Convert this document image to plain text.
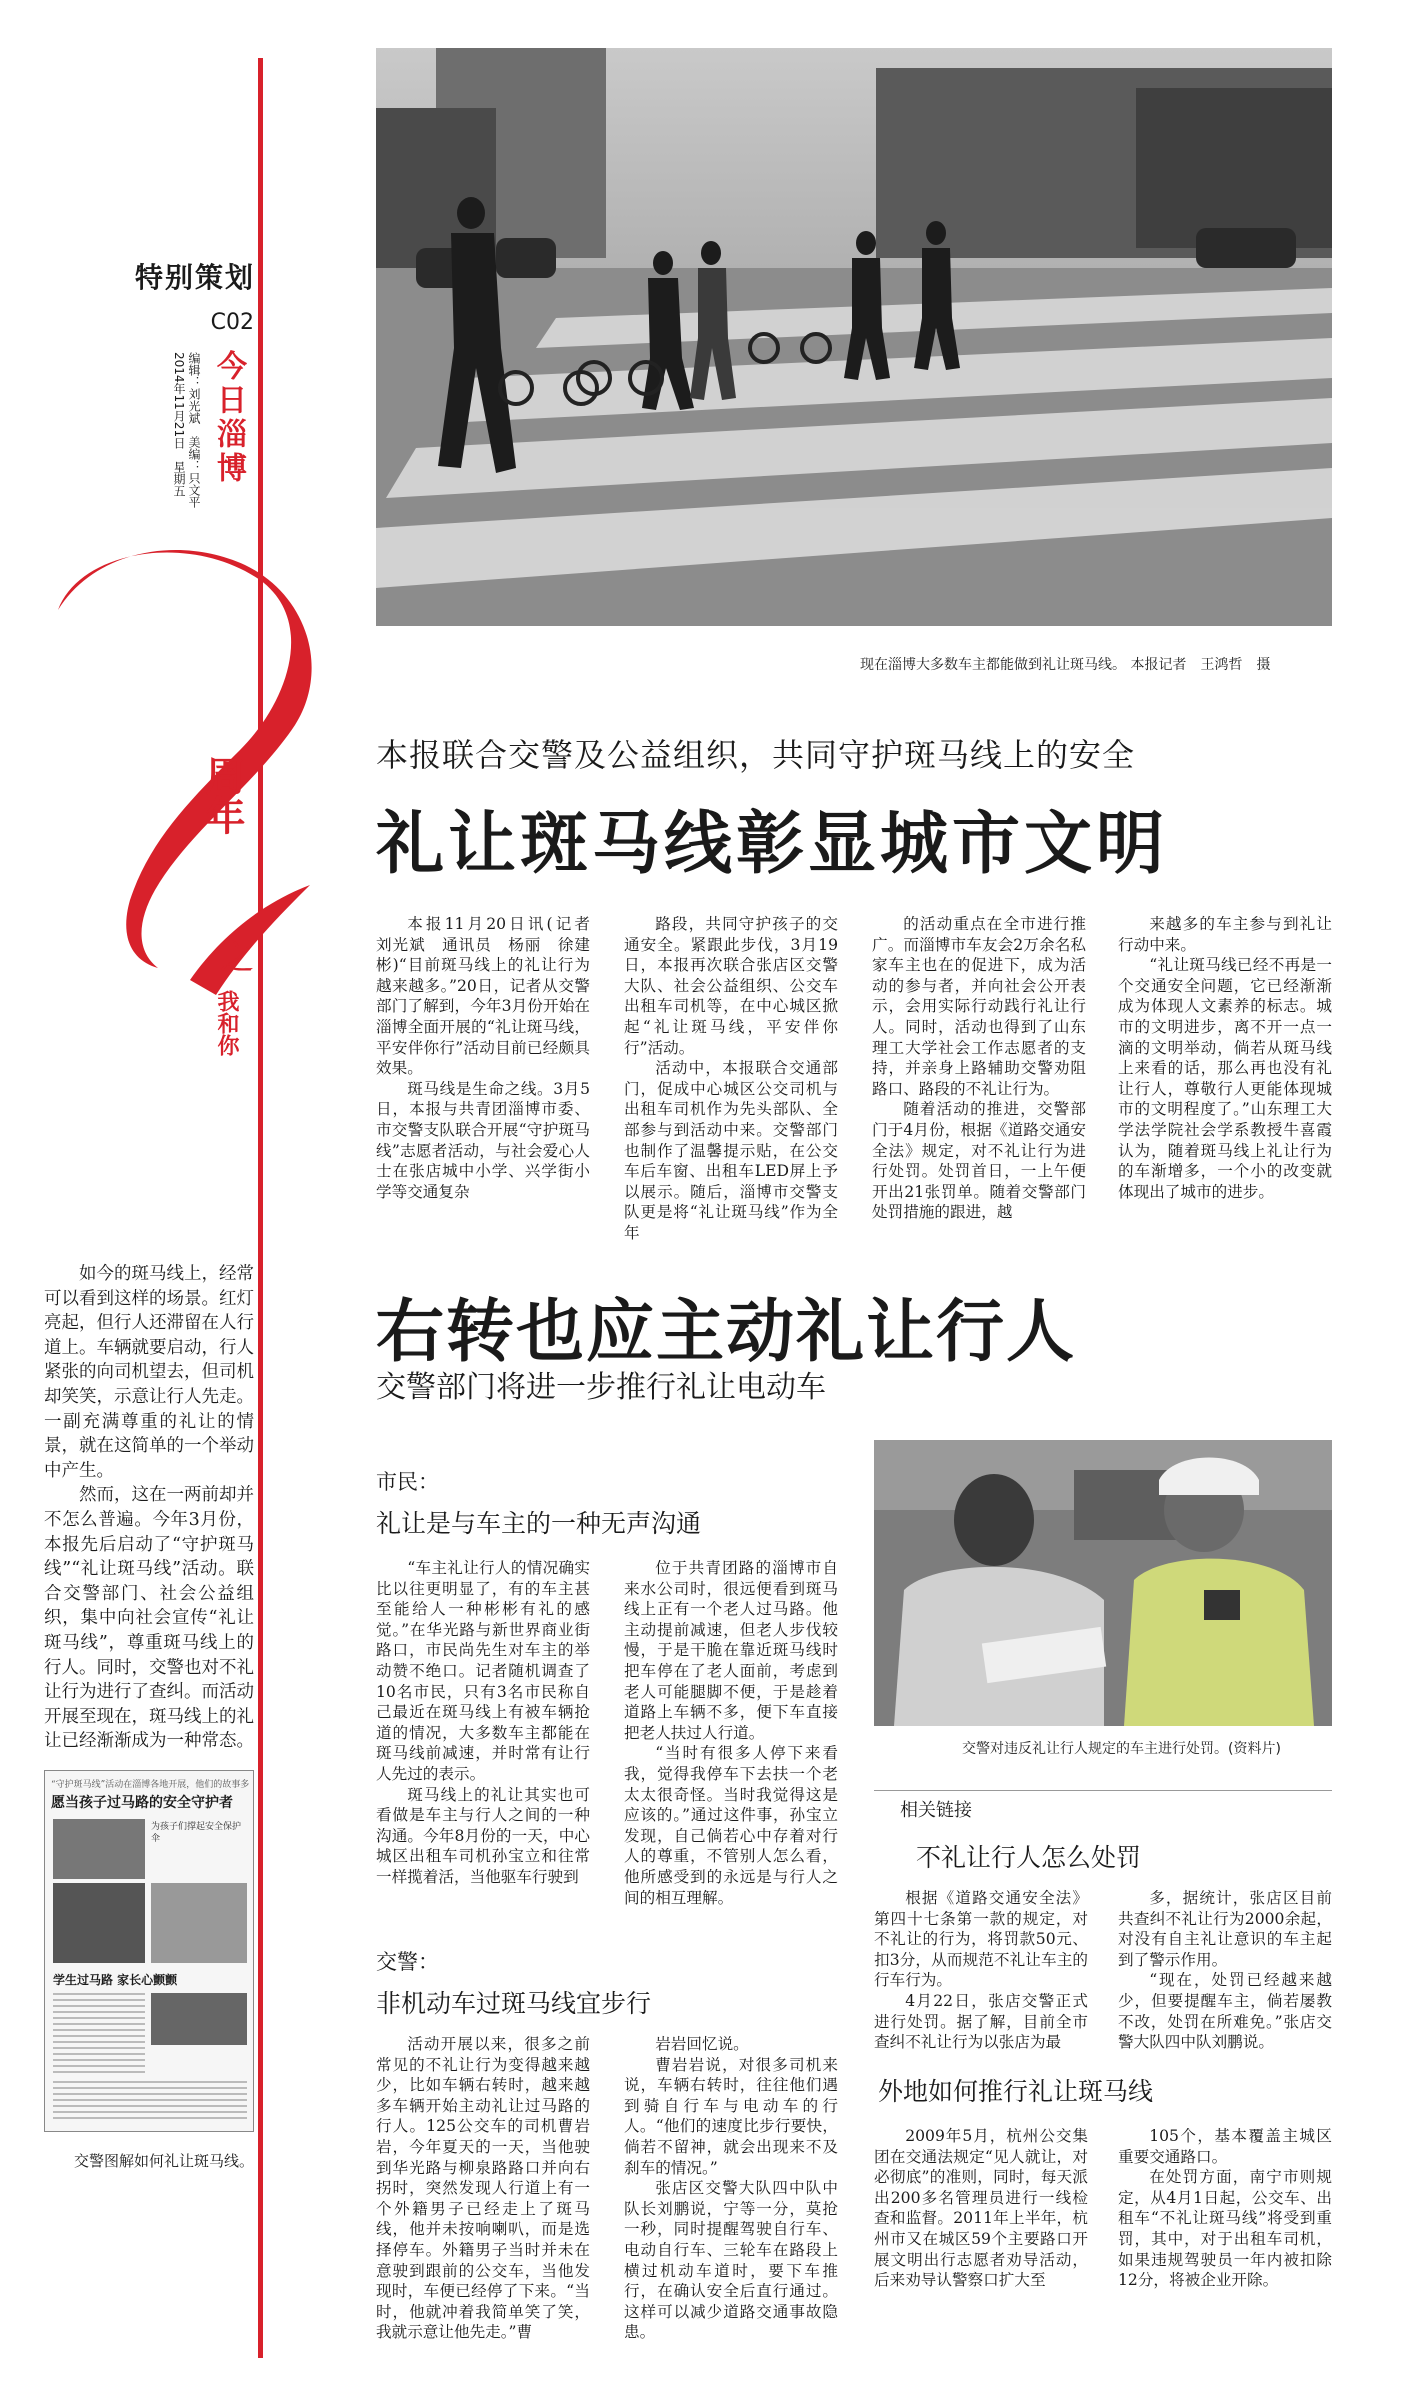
特别策划
C02
今日淄博
编辑：刘光斌　美编：只文平
2014年11月21日　星期五
周年
之
我和你

如今的斑马线上，经常可以看到这样的场景。红灯亮起，但行人还滞留在人行道上。车辆就要启动，行人紧张的向司机望去，但司机却笑笑，示意让行人先走。一副充满尊重的礼让的情景，就在这简单的一个举动中产生。

然而，这在一两前却并不怎么普遍。今年3月份，本报先后启动了“守护斑马线”“礼让斑马线”活动。联合交警部门、社会公益组织，集中向社会宣传“礼让斑马线”，尊重斑马线上的行人。同时，交警也对不礼让行为进行了查纠。而活动开展至现在，斑马线上的礼让已经渐渐成为一种常态。

“守护斑马线”活动在淄博各地开展，他们的故事多
愿当孩子过马路的安全守护者
为孩子们撑起安全保护伞
学生过马路 家长心颤颤
交警图解如何礼让斑马线。
现在淄博大多数车主都能做到礼让斑马线。 本报记者　王鸿哲　摄
本报联合交警及公益组织，共同守护斑马线上的安全
礼让斑马线彰显城市文明

本报11月20日讯(记者　刘光斌　通讯员　杨丽　徐建彬)“目前斑马线上的礼让行为越来越多。”20日，记者从交警部门了解到，今年3月份开始在淄博全面开展的“礼让斑马线，平安伴你行”活动目前已经颇具效果。

斑马线是生命之线。3月5日，本报与共青团淄博市委、市交警支队联合开展“守护斑马线”志愿者活动，与社会爱心人士在张店城中小学、兴学街小学等交通复杂

路段，共同守护孩子的交通安全。紧跟此步伐，3月19日，本报再次联合张店区交警大队、社会公益组织、公交车出租车司机等，在中心城区掀起“礼让斑马线，平安伴你行”活动。

活动中，本报联合交通部门，促成中心城区公交司机与出租车司机作为先头部队、全部参与到活动中来。交警部门也制作了温馨提示贴，在公交车后车窗、出租车LED屏上予以展示。随后，淄博市交警支队更是将“礼让斑马线”作为全年

的活动重点在全市进行推广。而淄博市车友会2万余名私家车主也在的促进下，成为活动的参与者，并向社会公开表示，会用实际行动践行礼让行人。同时，活动也得到了山东理工大学社会工作志愿者的支持，并亲身上路辅助交警劝阻路口、路段的不礼让行为。

随着活动的推进，交警部门于4月份，根据《道路交通安全法》规定，对不礼让行为进行处罚。处罚首日，一上午便开出21张罚单。随着交警部门处罚措施的跟进，越

来越多的车主参与到礼让行动中来。

“礼让斑马线已经不再是一个交通安全问题，它已经渐渐成为体现人文素养的标志。城市的文明进步，离不开一点一滴的文明举动，倘若从斑马线上来看的话，那么再也没有礼让行人，尊敬行人更能体现城市的文明程度了。”山东理工大学法学院社会学系教授牛喜霞认为，随着斑马线上礼让行为的车渐增多，一个小的改变就体现出了城市的进步。

右转也应主动礼让行人
交警部门将进一步推行礼让电动车
交警对违反礼让行人规定的车主进行处罚。(资料片)
市民：
礼让是与车主的一种无声沟通

“车主礼让行人的情况确实比以往更明显了，有的车主甚至能给人一种彬彬有礼的感觉。”在华光路与新世界商业街路口，市民尚先生对车主的举动赞不绝口。记者随机调查了10名市民，只有3名市民称自己最近在斑马线上有被车辆抢道的情况，大多数车主都能在斑马线前减速，并时常有让行人先过的表示。

斑马线上的礼让其实也可看做是车主与行人之间的一种沟通。今年8月份的一天，中心城区出租车司机孙宝立和往常一样揽着活，当他驱车行驶到

位于共青团路的淄博市自来水公司时，很远便看到斑马线上正有一个老人过马路。他主动提前减速，但老人步伐较慢，于是干脆在靠近斑马线时把车停在了老人面前，考虑到老人可能腿脚不便，于是趁着道路上车辆不多，便下车直接把老人扶过人行道。

“当时有很多人停下来看我，觉得我停车下去扶一个老太太很奇怪。当时我觉得这是应该的。”通过这件事，孙宝立发现，自己倘若心中存着对行人的尊重，不管别人怎么看，他所感受到的永远是与行人之间的相互理解。

交警：
非机动车过斑马线宜步行

活动开展以来，很多之前常见的不礼让行为变得越来越少，比如车辆右转时，越来越多车辆开始主动礼让过马路的行人。125公交车的司机曹岩岩，今年夏天的一天，当他驶到华光路与柳泉路路口并向右拐时，突然发现人行道上有一个外籍男子已经走上了斑马线，他并未按响喇叭，而是选择停车。外籍男子当时并未在意驶到跟前的公交车，当他发现时，车便已经停了下来。“当时，他就冲着我简单笑了笑，我就示意让他先走。”曹

岩岩回忆说。

曹岩岩说，对很多司机来说，车辆右转时，往往他们遇到骑自行车与电动车的行人。“他们的速度比步行要快，倘若不留神，就会出现来不及刹车的情况。”

张店区交警大队四中队中队长刘鹏说，宁等一分，莫抢一秒，同时提醒驾驶自行车、电动自行车、三轮车在路段上横过机动车道时，要下车推行，在确认安全后直行通过。这样可以减少道路交通事故隐患。

相关链接
不礼让行人怎么处罚

根据《道路交通安全法》第四十七条第一款的规定，对不礼让的行为，将罚款50元、扣3分，从而规范不礼让车主的行车行为。

4月22日，张店交警正式进行处罚。据了解，目前全市查纠不礼让行为以张店为最

多，据统计，张店区目前共查纠不礼让行为2000余起，对没有自主礼让意识的车主起到了警示作用。

“现在，处罚已经越来越少，但要提醒车主，倘若屡教不改，处罚在所难免。”张店交警大队四中队刘鹏说。

外地如何推行礼让斑马线

2009年5月，杭州公交集团在交通法规定“见人就让，对必彻底”的准则，同时，每天派出200多名管理员进行一线检查和监督。2011年上半年，杭州市又在城区59个主要路口开展文明出行志愿者劝导活动，后来劝导认警察口扩大至

105个，基本覆盖主城区重要交通路口。

在处罚方面，南宁市则规定，从4月1日起，公交车、出租车“不礼让斑马线”将受到重罚，其中，对于出租车司机，如果违规驾驶员一年内被扣除12分，将被企业开除。
